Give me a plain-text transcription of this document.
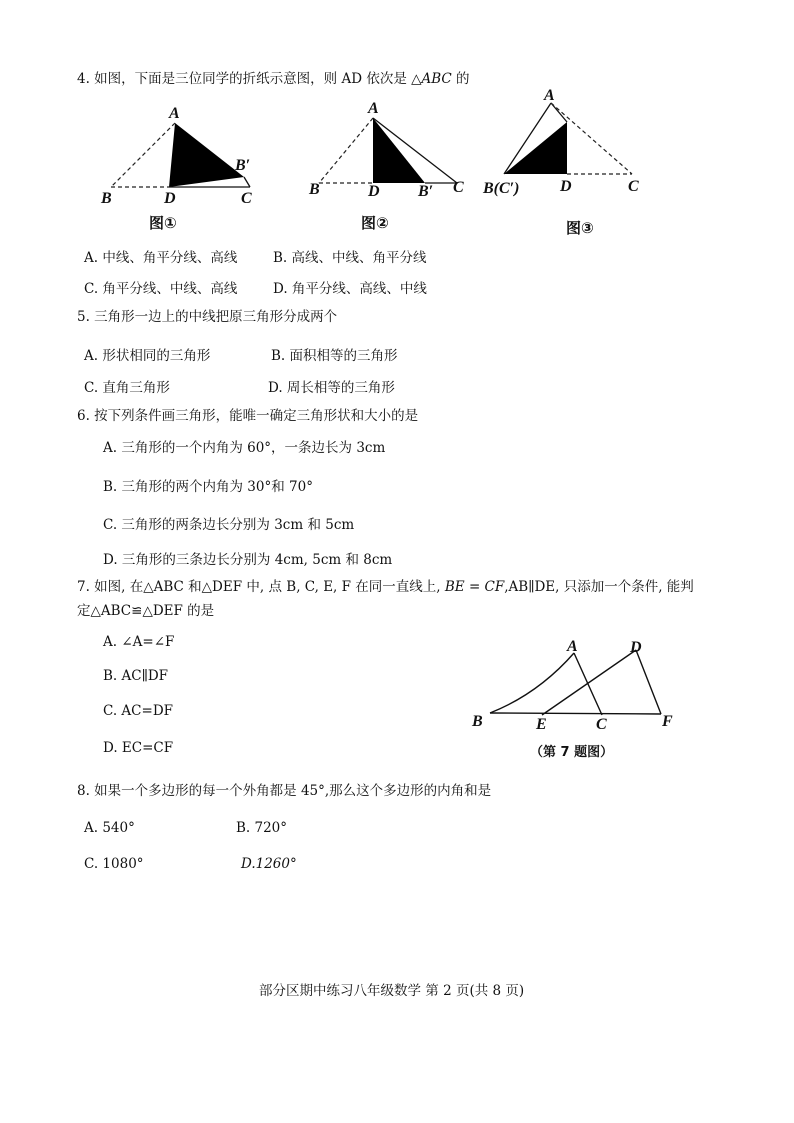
4. 如图，下面是三位同学的折纸示意图，则 AD 依次是 △ABC 的
A
B′
B	D	C
图①
A
B	D B′ C
图②
A
B(C′)	D	C
图③
A. 中线、角平分线、高线	B. 高线、中线、角平分线
C. 角平分线、中线、高线	D. 角平分线、高线、中线
5. 三角形一边上的中线把原三角形分成两个
A. 形状相同的三角形	B. 面积相等的三角形
C. 直角三角形	D. 周长相等的三角形
6. 按下列条件画三角形，能唯一确定三角形状和大小的是
A. 三角形的一个内角为 60°，一条边长为 3cm
B. 三角形的两个内角为 30°和 70°
C. 三角形的两条边长分别为 3cm 和 5cm
D. 三角形的三条边长分别为 4cm, 5cm 和 8cm
7. 如图, 在△ABC 和△DEF 中, 点 B, C, E, F 在同一直线上, BE = CF,AB∥DE, 只添加一个条件, 能判
定△ABC≌△DEF 的是
A. ∠A=∠F
B. AC∥DF
C. AC=DF
D. EC=CF
A	D
B	E	C	F
（第 7 题图）
8. 如果一个多边形的每一个外角都是 45°,那么这个多边形的内角和是
A. 540°	B. 720°
C. 1080°	D.1260°
部分区期中练习八年级数学 第 2 页(共 8 页)
